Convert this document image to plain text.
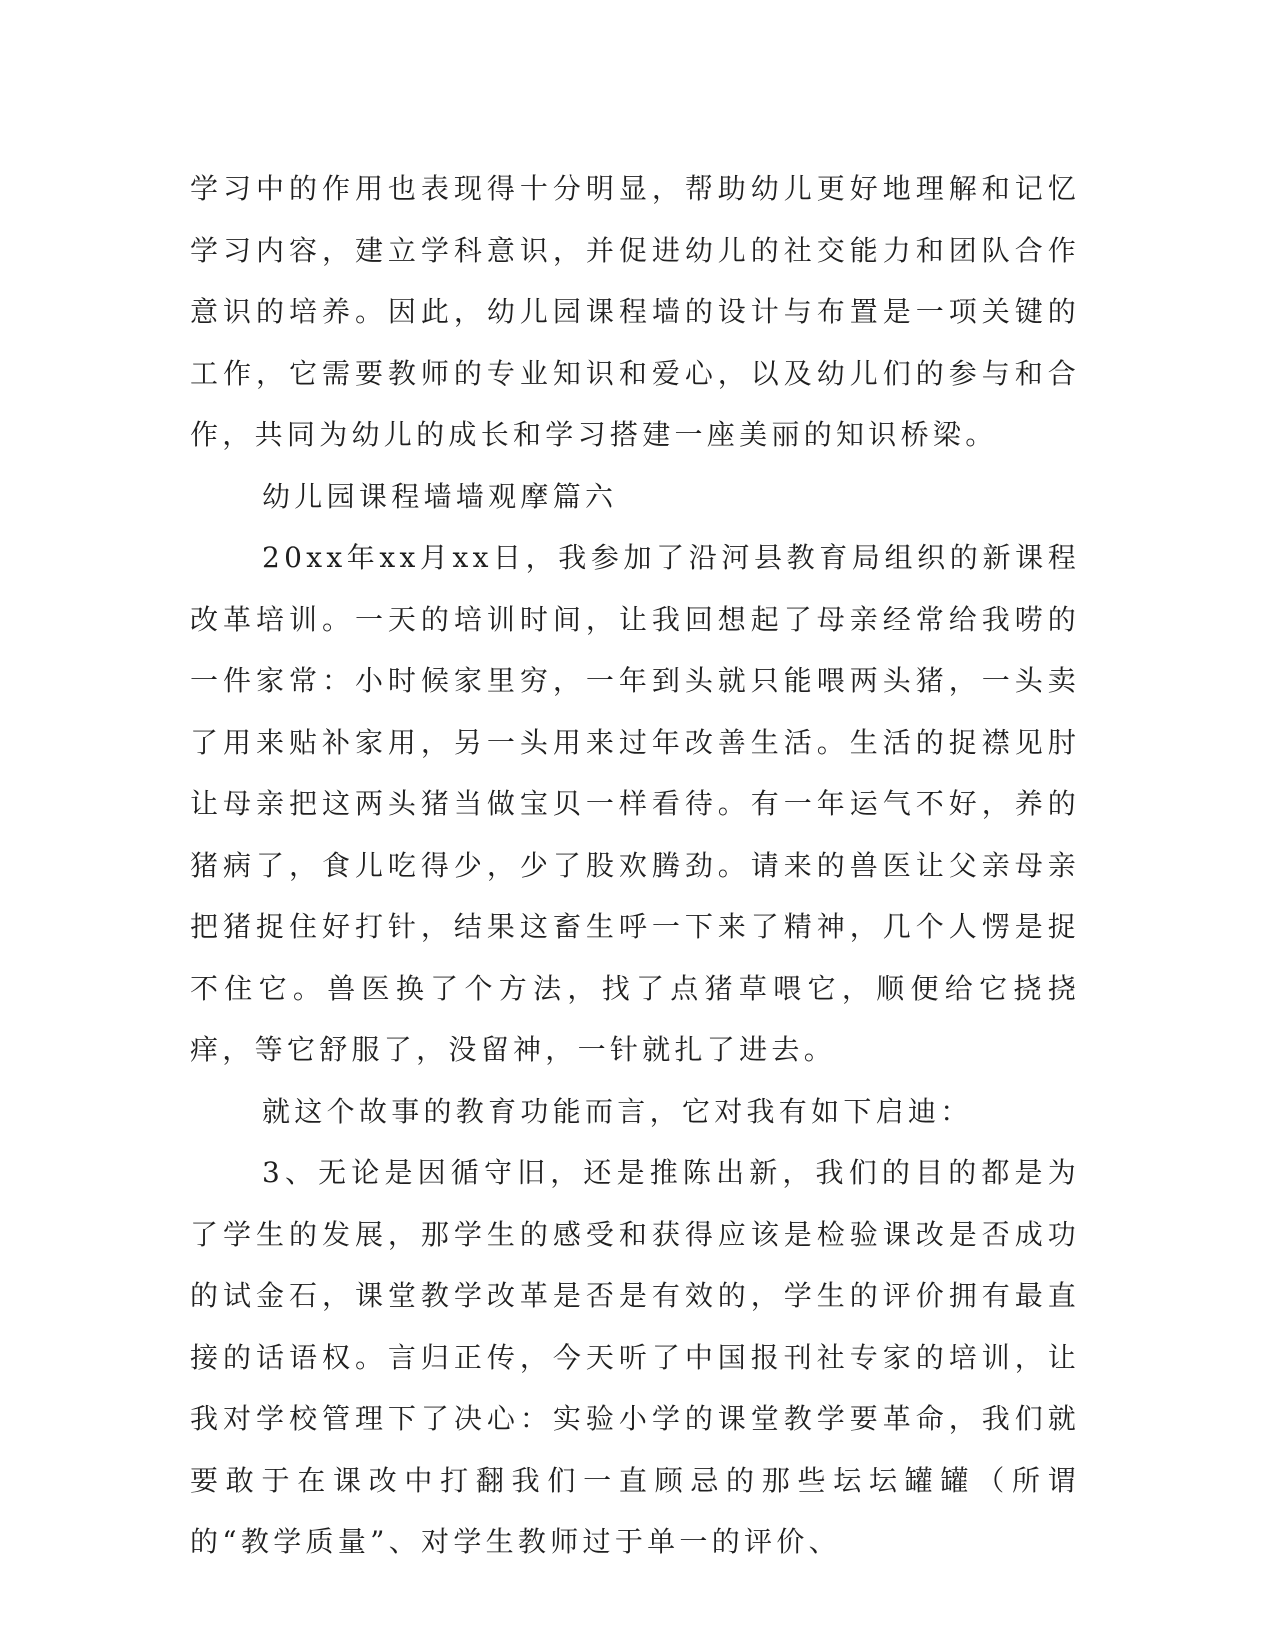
学习中的作用也表现得十分明显，帮助幼儿更好地理解和记忆学习内容，建立学科意识，并促进幼儿的社交能力和团队合作意识的培养。因此，幼儿园课程墙的设计与布置是一项关键的工作，它需要教师的专业知识和爱心，以及幼儿们的参与和合作，共同为幼儿的成长和学习搭建一座美丽的知识桥梁。

幼儿园课程墙墙观摩篇六

20xx年xx月xx日，我参加了沿河县教育局组织的新课程改革培训。一天的培训时间，让我回想起了母亲经常给我唠的一件家常：小时候家里穷，一年到头就只能喂两头猪，一头卖了用来贴补家用，另一头用来过年改善生活。生活的捉襟见肘让母亲把这两头猪当做宝贝一样看待。有一年运气不好，养的猪病了，食儿吃得少，少了股欢腾劲。请来的兽医让父亲母亲把猪捉住好打针，结果这畜生呼一下来了精神，几个人愣是捉不住它。兽医换了个方法，找了点猪草喂它，顺便给它挠挠痒，等它舒服了，没留神，一针就扎了进去。

就这个故事的教育功能而言，它对我有如下启迪：

3、无论是因循守旧，还是推陈出新，我们的目的都是为了学生的发展，那学生的感受和获得应该是检验课改是否成功的试金石，课堂教学改革是否是有效的，学生的评价拥有最直接的话语权。言归正传，今天听了中国报刊社专家的培训，让我对学校管理下了决心：实验小学的课堂教学要革命，我们就要敢于在课改中打翻我们一直顾忌的那些坛坛罐罐（所谓的“教学质量”、对学生教师过于单一的评价、
